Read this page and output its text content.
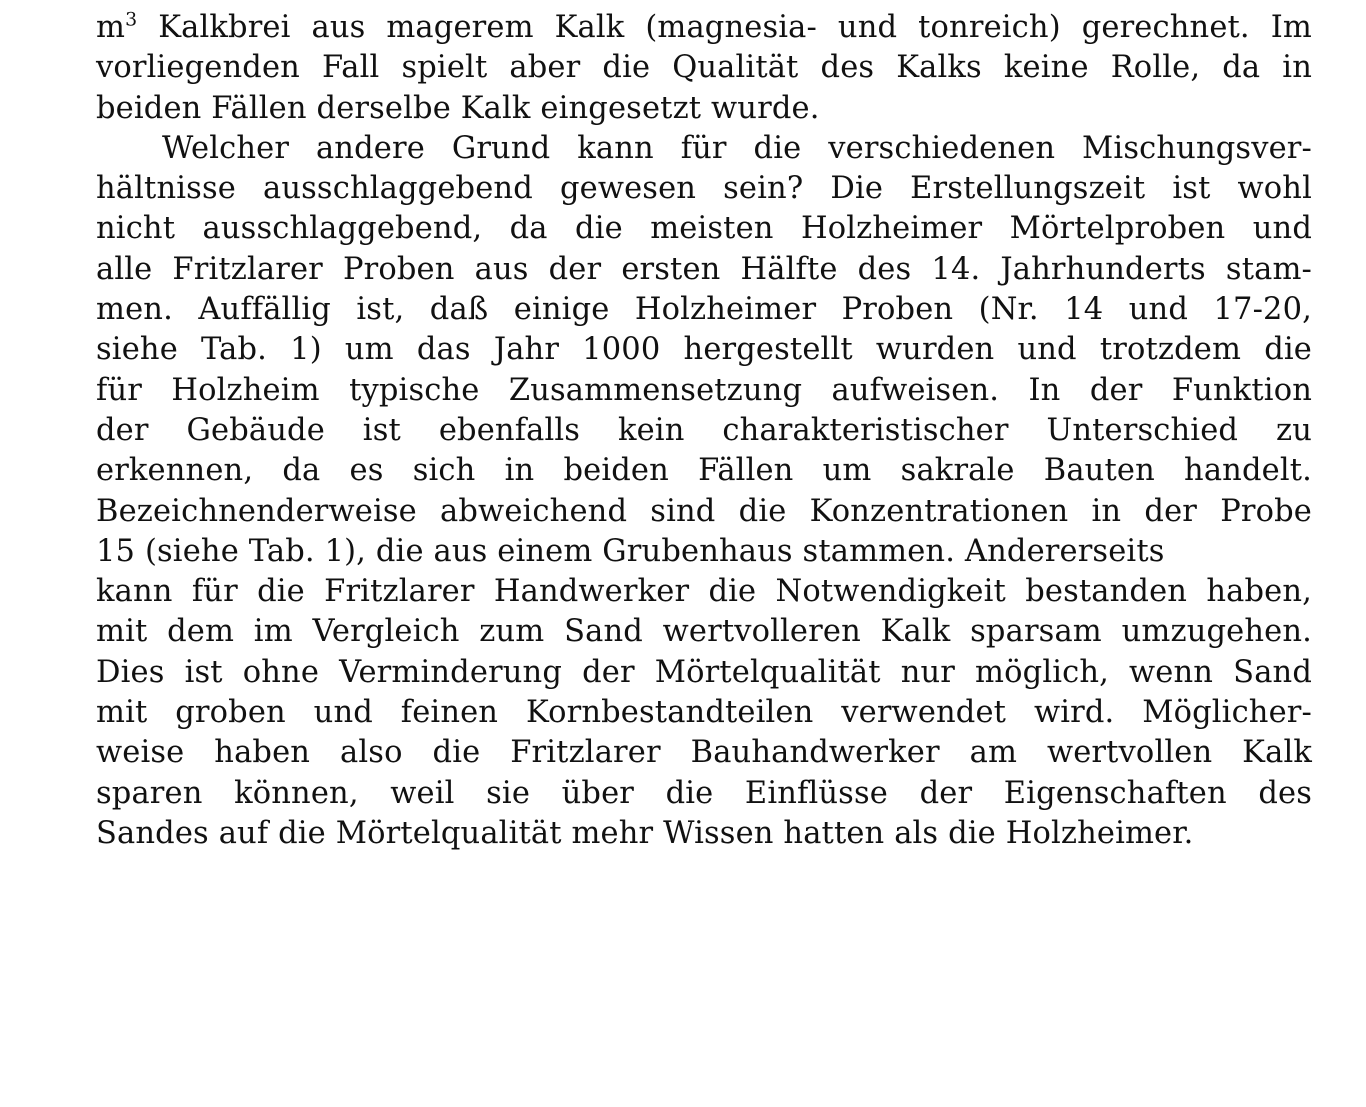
$m^3$ Kalkbrei aus magerem Kalk (magnesia- und tonreich) gerechnet. Im
vorliegenden Fall spielt aber die Qualität des Kalks keine Rolle, da in
beiden Fällen derselbe Kalk eingesetzt wurde.

Welcher andere Grund kann für die verschiedenen Mischungsver-
hältnisse ausschlaggebend gewesen sein? Die Erstellungszeit ist wohl
nicht ausschlaggebend, da die meisten Holzheimer Mörtelproben und
alle Fritzlarer Proben aus der ersten Hälfte des 14. Jahrhunderts stam-
men. Auffällig ist, daß einige Holzheimer Proben (Nr. 14 und 17-20,
siehe Tab. 1) um das Jahr 1000 hergestellt wurden und trotzdem die
für Holzheim typische Zusammensetzung aufweisen. In der Funktion
der Gebäude ist ebenfalls kein charakteristischer Unterschied zu
erkennen, da es sich in beiden Fällen um sakrale Bauten handelt.
Bezeichnenderweise abweichend sind die Konzentrationen in der Probe
15 (siehe Tab. 1), die aus einem Grubenhaus stammen. Andererseits
kann für die Fritzlarer Handwerker die Notwendigkeit bestanden haben,
mit dem im Vergleich zum Sand wertvolleren Kalk sparsam umzugehen.
Dies ist ohne Verminderung der Mörtelqualität nur möglich, wenn Sand
mit groben und feinen Kornbestandteilen verwendet wird. Möglicher-
weise haben also die Fritzlarer Bauhandwerker am wertvollen Kalk
sparen können, weil sie über die Einflüsse der Eigenschaften des
Sandes auf die Mörtelqualität mehr Wissen hatten als die Holzheimer.
